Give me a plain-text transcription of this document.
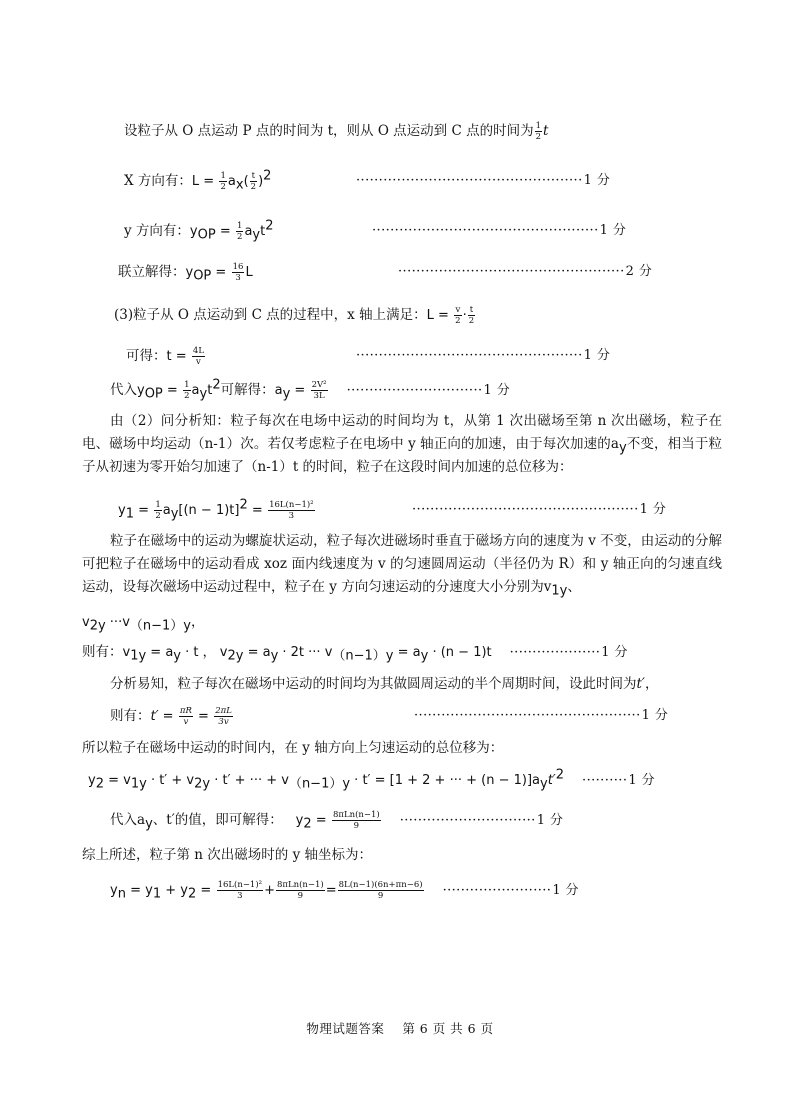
设粒子从 O 点运动 P 点的时间为 t，则从 O 点运动到 C 点的时间为 $\frac{1}{2}$ t
X 方向有：$L = \frac{1}{2} a_x( \frac{t}{2} )^2$	··················································1 分
y 方向有：$y_{OP} = \frac{1}{2} a_yt^2$	··················································1 分
联立解得：$y_{OP} = \frac{16}{3}$ L	··················································2 分
(3)粒子从 O 点运动到 C 点的过程中，x 轴上满足：$L = \frac{v}{2} \cdot \frac{t}{2}$
可得：$t = \frac{4L}{v}$	··················································1 分
代入$y_{OP} = \frac{1}{2} a_yt^2$可解得：$a_y = \frac{\text{2V²}}{3L} \cdot\cdot\cdot\cdot\cdot\cdot\cdot\cdot\cdot\cdot\cdot\cdot\cdot\cdot\cdot\cdot\cdot\cdot\cdot\cdot\cdot\cdot\cdot\cdot\cdot\cdot\cdot\cdot\cdot\cdot 1$ 分
由（2）问分析知：粒子每次在电场中运动的时间均为 t，从第 1 次出磁场至第 n 次出磁场，粒子在电、磁场中均运动（n-1）次。若仅考虑粒子在电场中 y 轴正向的加速，由于每次加速的$a_y$不变，相当于粒子从初速为零开始匀加速了（n-1）t 的时间，粒子在这段时间内加速的总位移为：
$y_1 = \frac{1}{2} a_y[(n - 1)t]^2 = \frac{\text{16L(n−1)²}}{3}$	··················································1 分
粒子在磁场中的运动为螺旋状运动，粒子每次进磁场时垂直于磁场方向的速度为 v 不变，由运动的分解可把粒子在磁场中的运动看成 xoz 面内线速度为 v 的匀速圆周运动（半径仍为 R）和 y 轴正向的匀速直线运动，设每次磁场中运动过程中，粒子在 y 方向匀速运动的分速度大小分别为$v_{1y}$、
$v_{2y} \cdot\cdot\cdot v_{(n-1)y}$，
则有：$v_{1y} = a_y \cdot t$ ， $v_{2y} = a_y \cdot 2t$ ··· $v_{(n-1)y} = a_y \cdot (n - 1)t \cdot\cdot\cdot\cdot\cdot\cdot\cdot\cdot\cdot\cdot\cdot\cdot\cdot\cdot\cdot\cdot\cdot\cdot\cdot\cdot 1$ 分
分析易知，粒子每次在磁场中运动的时间均为其做圆周运动的半个周期时间，设此时间为t′，
则有：$t' = \frac{\pi R}{v} = \frac{2\pi L}{3v}$	··················································1 分
所以粒子在磁场中运动的时间内，在 y 轴方向上匀速运动的总位移为：
$y_2 = v_{1y} \cdot t' + v_{2y} \cdot t'$ + ··· + $v_{(n-1)y} \cdot t' = [1 + 2$ + ··· + $(n - 1)]a_yt'^2 \cdot\cdot\cdot\cdot\cdot\cdot\cdot\cdot\cdot\cdot 1$ 分
代入$a_y$、t′的值，即可解得： $y_2 = \frac{\text{8πLn(n−1)}}{9} \cdot\cdot\cdot\cdot\cdot\cdot\cdot\cdot\cdot\cdot\cdot\cdot\cdot\cdot\cdot\cdot\cdot\cdot\cdot\cdot\cdot\cdot\cdot\cdot\cdot\cdot\cdot\cdot\cdot\cdot 1$ 分
综上所述，粒子第 n 次出磁场时的 y 轴坐标为：
$y_n = y_1 + y_2 = \frac{\text{16L(n−1)²}}{3} + \frac{\text{8πLn(n−1)}}{9} = \frac{8L(n-1)(6n+\pi n-6)}{9} \cdot\cdot\cdot\cdot\cdot\cdot\cdot\cdot\cdot\cdot\cdot\cdot\cdot\cdot\cdot\cdot\cdot\cdot\cdot\cdot\cdot\cdot\cdot\cdot 1$ 分
物理试题答案 第 6 页 共 6 页
